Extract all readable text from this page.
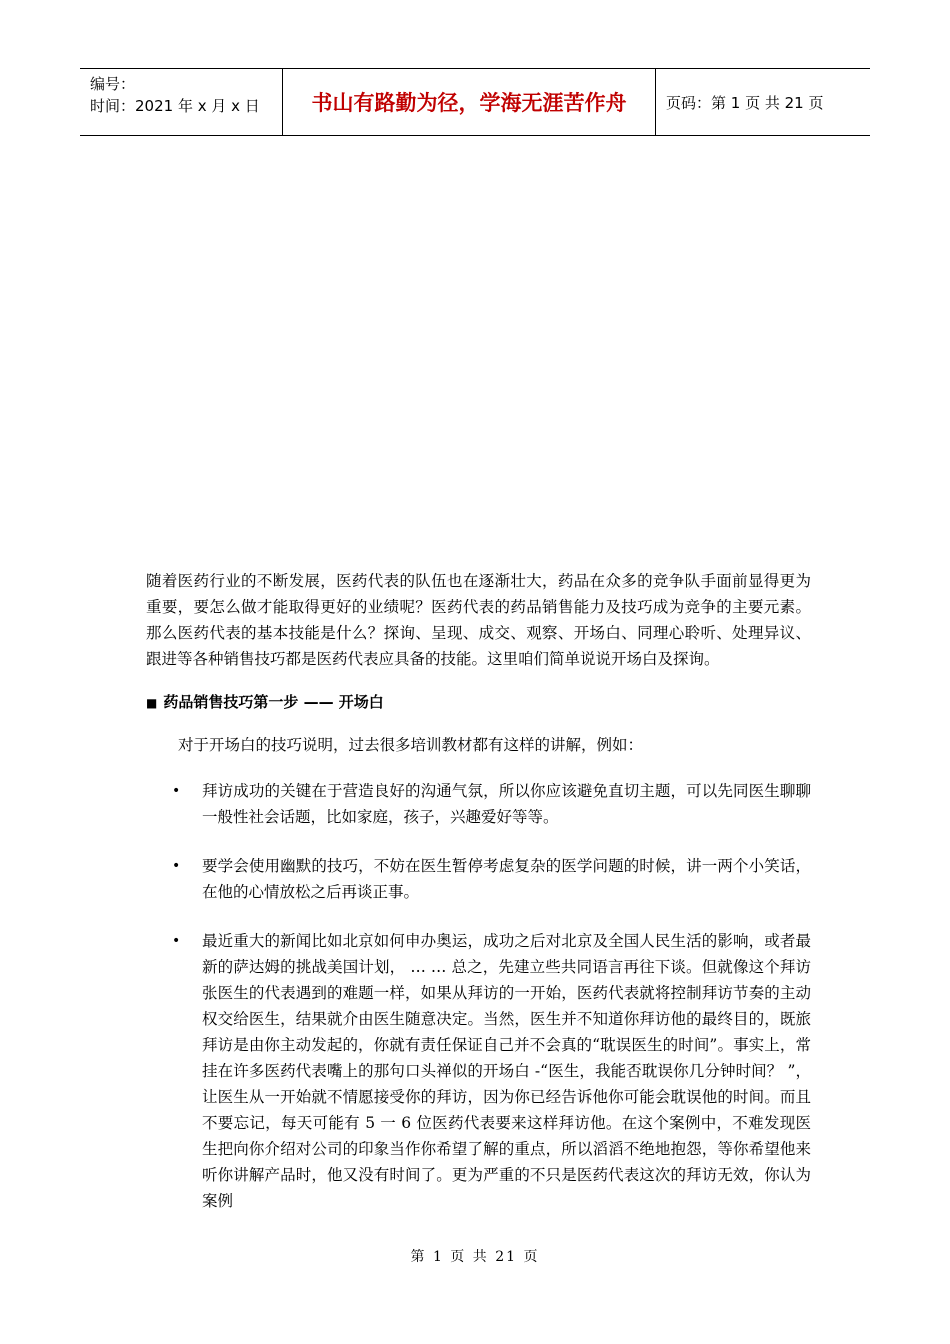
编号：
时间：2021 年 x 月 x 日	书山有路勤为径，学海无涯苦作舟	页码：第 1 页 共 21 页

随着医药行业的不断发展，医药代表的队伍也在逐渐壮大，药品在众多的竞争队手面前显得更为重要，要怎么做才能取得更好的业绩呢？医药代表的药品销售能力及技巧成为竞争的主要元素。那么医药代表的基本技能是什么？探询、呈现、成交、观察、开场白、同理心聆听、处理异议、跟进等各种销售技巧都是医药代表应具备的技能。这里咱们简单说说开场白及探询。

■ 药品销售技巧第一步 —— 开场白

对于开场白的技巧说明，过去很多培训教材都有这样的讲解，例如：

• 拜访成功的关键在于营造良好的沟通气氛，所以你应该避免直切主题，可以先同医生聊聊一般性社会话题，比如家庭，孩子，兴趣爱好等等。
• 要学会使用幽默的技巧，不妨在医生暂停考虑复杂的医学问题的时候，讲一两个小笑话，在他的心情放松之后再谈正事。
• 最近重大的新闻比如北京如何申办奥运，成功之后对北京及全国人民生活的影响，或者最新的萨达姆的挑战美国计划， … … 总之，先建立些共同语言再往下谈。但就像这个拜访张医生的代表遇到的难题一样，如果从拜访的一开始，医药代表就将控制拜访节奏的主动权交给医生，结果就介由医生随意决定。当然，医生并不知道你拜访他的最终目的，既旅拜访是由你主动发起的，你就有责任保证自己并不会真的“耽误医生的时间”。事实上，常挂在许多医药代表嘴上的那句口头禅似的开场白 -“医生，我能否耽误你几分钟时间？ ”，让医生从一开始就不情愿接受你的拜访，因为你已经告诉他你可能会耽误他的时间。而且不要忘记，每天可能有 5 一 6 位医药代表要来这样拜访他。在这个案例中，不难发现医生把向你介绍对公司的印象当作你希望了解的重点，所以滔滔不绝地抱怨，等你希望他来听你讲解产品时，他又没有时间了。更为严重的不只是医药代表这次的拜访无效，你认为案例
第 1 页 共 21 页
